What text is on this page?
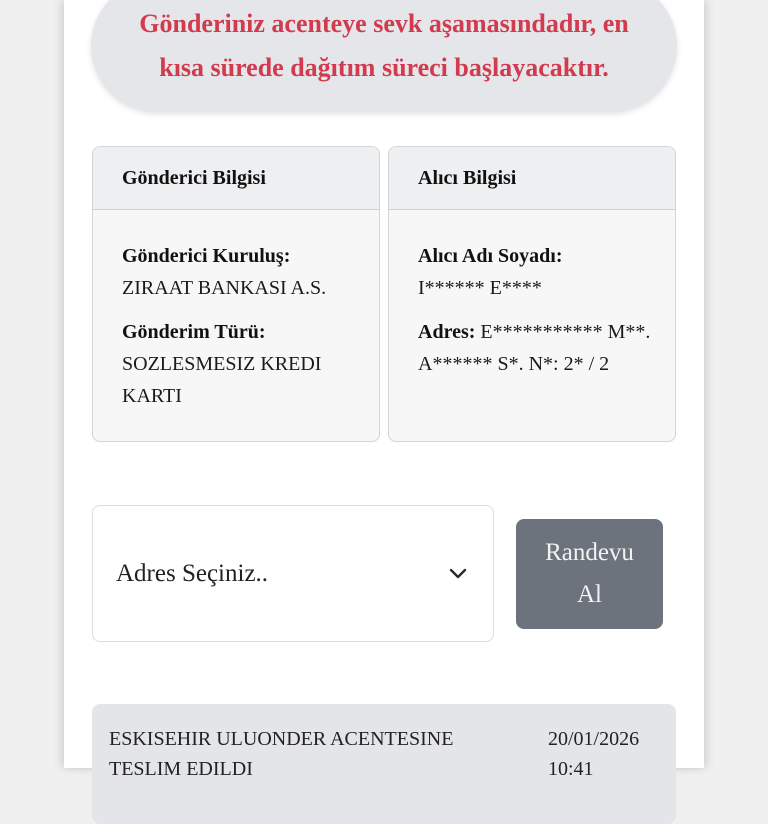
Gönderiniz acenteye sevk aşamasındadır, en kısa sürede dağıtım süreci başlayacaktır.
Gönderici Bilgisi
Gönderici Kuruluş:
ZIRAAT BANKASI A.S.
Gönderim Türü:
SOZLESMESIZ KREDI KARTI
Alıcı Bilgisi
Alıcı Adı Soyadı:
I****** E****
Adres: E*********** M**. A****** S*. N*: 2* / 2
Adres Seçiniz..
Randevu Al
ESKISEHIR ULUONDER ACENTESINE TESLIM EDILDI
20/01/2026
10:41
